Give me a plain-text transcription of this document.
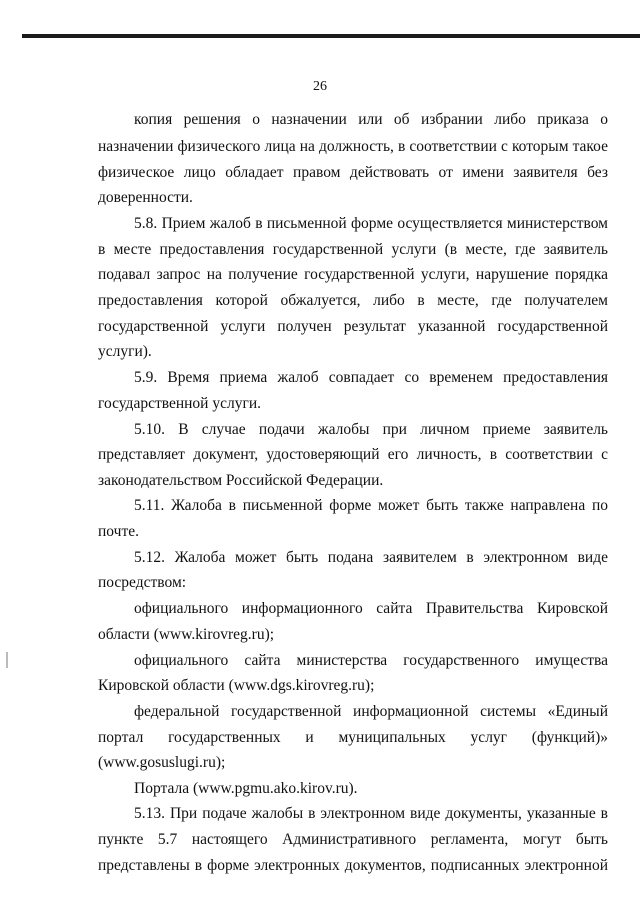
26
копия решения о назначении или об избрании либо приказа о
назначении физического лица на должность, в соответствии с которым такое
физическое лицо обладает правом действовать от имени заявителя без
доверенности.
5.8. Прием жалоб в письменной форме осуществляется министерством
в месте предоставления государственной услуги (в месте, где заявитель
подавал запрос на получение государственной услуги, нарушение порядка
предоставления которой обжалуется, либо в месте, где получателем
государственной услуги получен результат указанной государственной
услуги).
5.9. Время приема жалоб совпадает со временем предоставления
государственной услуги.
5.10. В случае подачи жалобы при личном приеме заявитель
представляет документ, удостоверяющий его личность, в соответствии с
законодательством Российской Федерации.
5.11. Жалоба в письменной форме может быть также направлена по
почте.
5.12. Жалоба может быть подана заявителем в электронном виде
посредством:
официального информационного сайта Правительства Кировской
области (www.kirovreg.ru);
официального сайта министерства государственного имущества
Кировской области (www.dgs.kirovreg.ru);
федеральной государственной информационной системы «Единый
портал государственных и муниципальных услуг (функций)»
(www.gosuslugi.ru);
Портала (www.pgmu.ako.kirov.ru).
5.13. При подаче жалобы в электронном виде документы, указанные в
пункте 5.7 настоящего Административного регламента, могут быть
представлены в форме электронных документов, подписанных электронной
